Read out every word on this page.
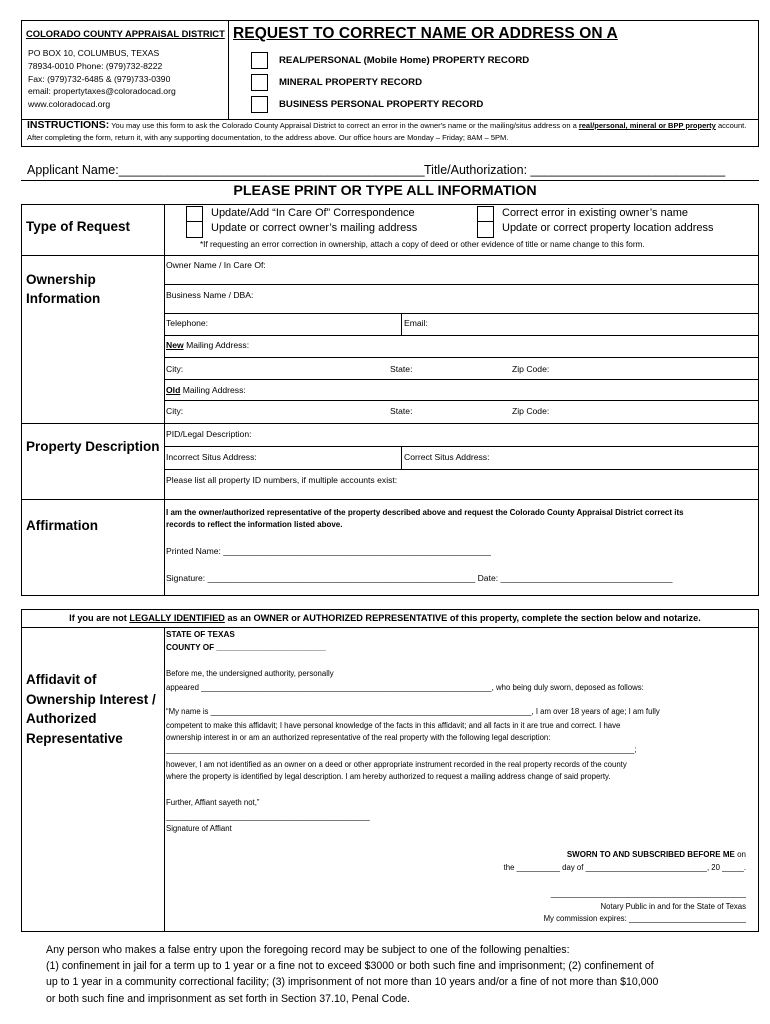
COLORADO COUNTY APPRAISAL DISTRICT
PO BOX 10, COLUMBUS, TEXAS
78934-0010 Phone: (979)732-8222
Fax: (979)732-6485 & (979)733-0390
email: propertytaxes@coloradocad.org
www.coloradocad.org
REQUEST TO CORRECT NAME OR ADDRESS ON A
REAL/PERSONAL (Mobile Home) PROPERTY RECORD
MINERAL PROPERTY RECORD
BUSINESS PERSONAL PROPERTY RECORD
INSTRUCTIONS: You may use this form to ask the Colorado County Appraisal District to correct an error in the owner's name or the mailing/situs address on a real/personal, mineral or BPP property account. After completing the form, return it, with any supporting documentation, to the address above. Our office hours are Monday – Friday; 8AM – 5PM.
Applicant Name:____________________________________________ Title/Authorization: ____________________________
PLEASE PRINT OR TYPE ALL INFORMATION
Type of Request
Update/Add “In Care Of” Correspondence
Update or correct owner’s mailing address
Correct error in existing owner’s name
Update or correct property location address
*If requesting an error correction in ownership, attach a copy of deed or other evidence of title or name change to this form.
Ownership
Information
Owner Name / In Care Of:
Business Name / DBA:
Telephone:	Email:
New Mailing Address:
City:	State:	Zip Code:
Old Mailing Address:
City:	State:	Zip Code:
Property Description
PID/Legal Description:
Incorrect Situs Address:	Correct Situs Address:
Please list all property ID numbers, if multiple accounts exist:
Affirmation
I am the owner/authorized representative of the property described above and request the Colorado County Appraisal District correct its
records to reflect the information listed above.
Printed Name: ________________________________________________________
Signature: ________________________________________________________ Date: ____________________________________
If you are not LEGALLY IDENTIFIED as an OWNER or AUTHORIZED REPRESENTATIVE of this property, complete the section below and notarize.
Affidavit of
Ownership Interest /
Authorized
Representative
STATE OF TEXAS
COUNTY OF ________________________
Before me, the undersigned authority, personally
appeared ___________________________________________________________________, who being duly sworn, deposed as follows:
“My name is __________________________________________________________________________, I am over 18 years of age; I am fully
competent to make this affidavit; I have personal knowledge of the facts in this affidavit; and all facts in it are true and correct. I have
ownership interest in or am an authorized representative of the real property with the following legal description:
____________________________________________________________________________________________________________;
however, I am not identified as an owner on a deed or other appropriate instrument recorded in the real property records of the county
where the property is identified by legal description. I am hereby authorized to request a mailing address change of said property.
Further, Affiant sayeth not,”
_______________________________________________
Signature of Affiant
SWORN TO AND SUBSCRIBED BEFORE ME on
the __________ day of ____________________________, 20 _____.
_____________________________________________
Notary Public in and for the State of Texas
My commission expires: ___________________________
Any person who makes a false entry upon the foregoing record may be subject to one of the following penalties:
(1) confinement in jail for a term up to 1 year or a fine not to exceed $3000 or both such fine and imprisonment; (2) confinement of
up to 1 year in a community correctional facility; (3) imprisonment of not more than 10 years and/or a fine of not more than $10,000
or both such fine and imprisonment as set forth in Section 37.10, Penal Code.
